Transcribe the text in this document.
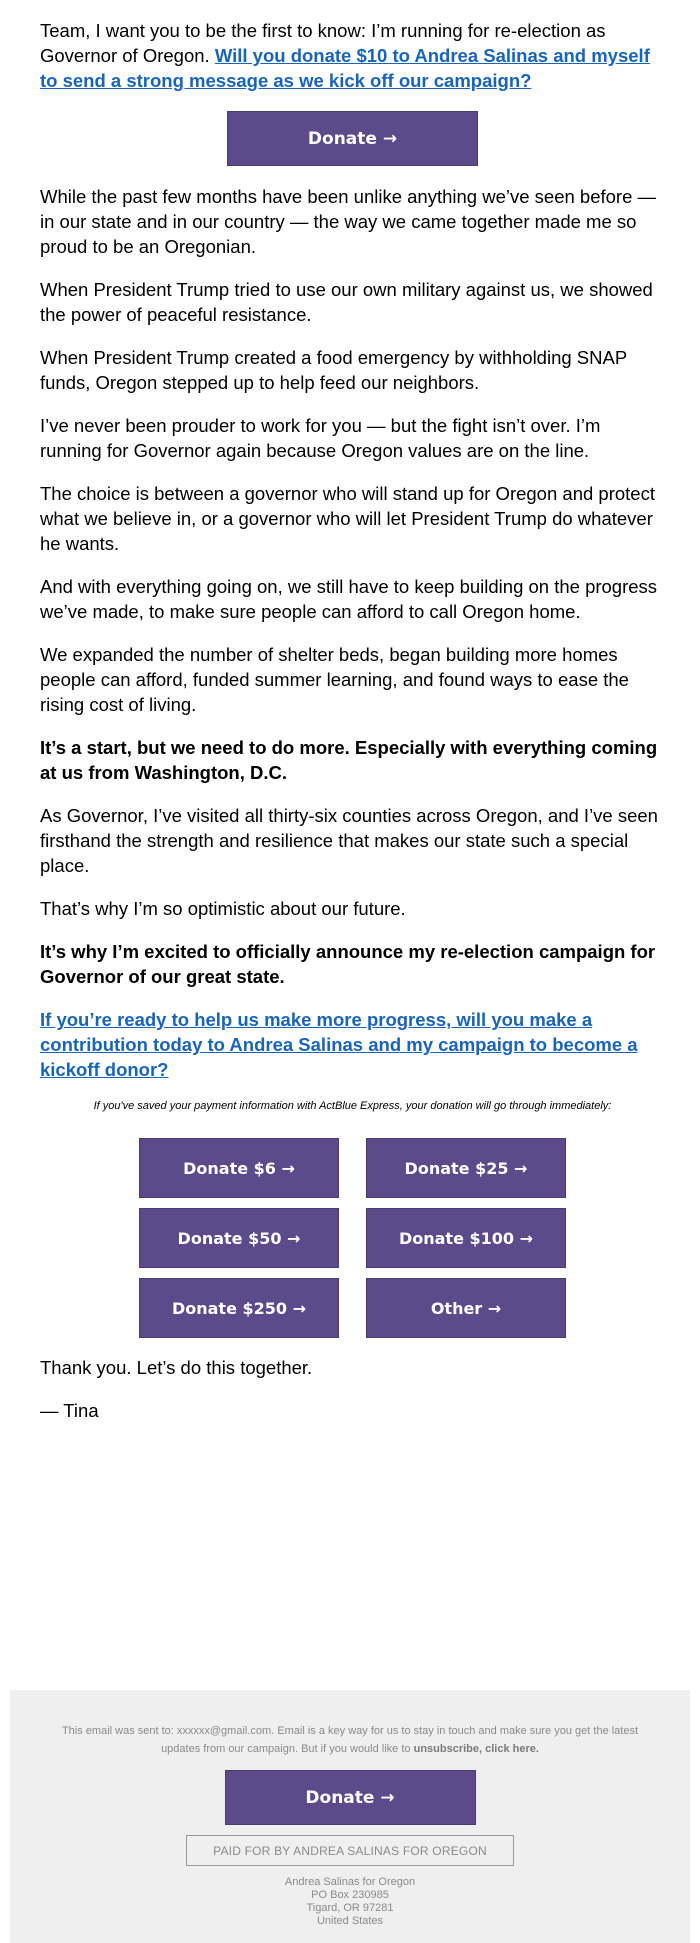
Team, I want you to be the first to know: I’m running for re-election as Governor of Oregon. Will you donate $10 to Andrea Salinas and myself to send a strong message as we kick off our campaign?

Donate →

While the past few months have been unlike anything we’ve seen before — in our state and in our country — the way we came together made me so proud to be an Oregonian.

When President Trump tried to use our own military against us, we showed the power of peaceful resistance.

When President Trump created a food emergency by withholding SNAP funds, Oregon stepped up to help feed our neighbors.

I’ve never been prouder to work for you — but the fight isn’t over. I’m running for Governor again because Oregon values are on the line.

The choice is between a governor who will stand up for Oregon and protect what we believe in, or a governor who will let President Trump do whatever he wants.

And with everything going on, we still have to keep building on the progress we’ve made, to make sure people can afford to call Oregon home.

We expanded the number of shelter beds, began building more homes people can afford, funded summer learning, and found ways to ease the rising cost of living.

It’s a start, but we need to do more. Especially with everything coming at us from Washington, D.C.

As Governor, I’ve visited all thirty-six counties across Oregon, and I’ve seen firsthand the strength and resilience that makes our state such a special place.

That’s why I’m so optimistic about our future.

It’s why I’m excited to officially announce my re-election campaign for Governor of our great state.

If you’re ready to help us make more progress, will you make a contribution today to Andrea Salinas and my campaign to become a kickoff donor?

If you've saved your payment information with ActBlue Express, your donation will go through immediately:
Donate $6 →	Donate $25 →
Donate $50 →	Donate $100 →
Donate $250 →	Other →

Thank you. Let’s do this together.

— Tina

This email was sent to: xxxxxx@gmail.com. Email is a key way for us to stay in touch and make sure you get the latest updates from our campaign. But if you would like to unsubscribe, click here.
Donate →
PAID FOR BY ANDREA SALINAS FOR OREGON
Andrea Salinas for Oregon
PO Box 230985
Tigard, OR 97281
United States
